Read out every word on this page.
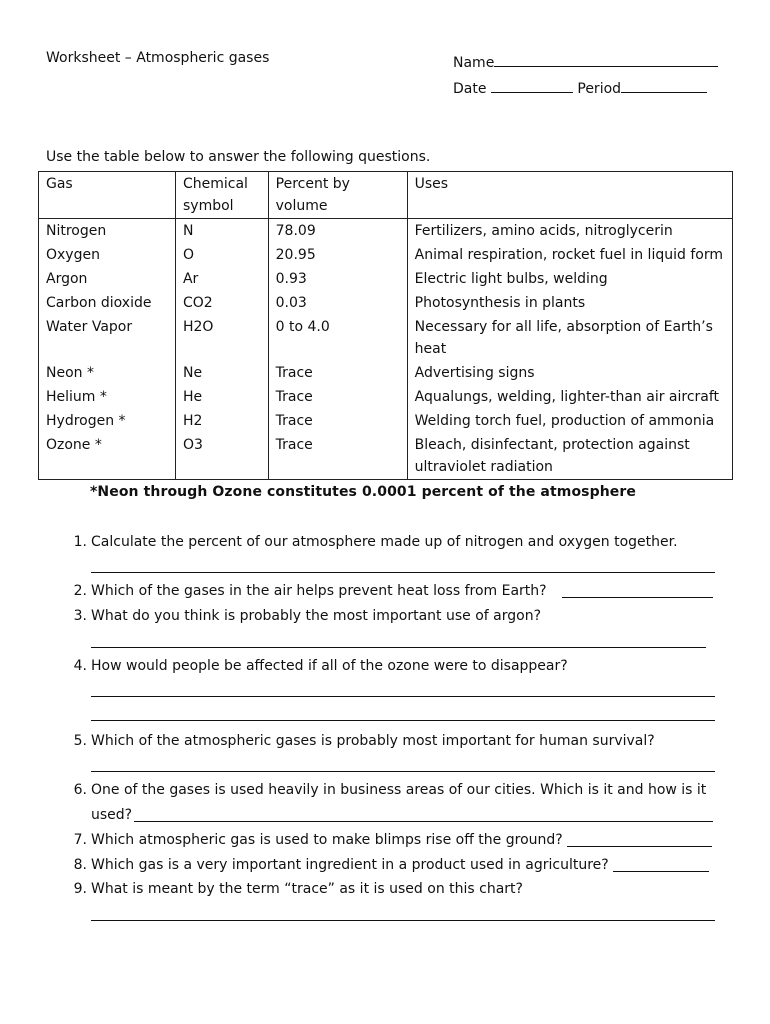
Worksheet – Atmospheric gases	Name
Date	Period
Use the table below to answer the following questions.
Gas	Chemical symbol	Percent by volume	Uses
Nitrogen	N	78.09	Fertilizers, amino acids, nitroglycerin
Oxygen	O	20.95	Animal respiration, rocket fuel in liquid form
Argon	Ar	0.93	Electric light bulbs, welding
Carbon dioxide	CO2	0.03	Photosynthesis in plants
Water Vapor	H2O	0 to 4.0	Necessary for all life, absorption of Earth’s heat
Neon *	Ne	Trace	Advertising signs
Helium *	He	Trace	Aqualungs, welding, lighter-than air aircraft
Hydrogen *	H2	Trace	Welding torch fuel, production of ammonia
Ozone *	O3	Trace	Bleach, disinfectant, protection against ultraviolet radiation
*Neon through Ozone constitutes 0.0001 percent of the atmosphere
1. Calculate the percent of our atmosphere made up of nitrogen and oxygen together.
2. Which of the gases in the air helps prevent heat loss from Earth?
3. What do you think is probably the most important use of argon?
4. How would people be affected if all of the ozone were to disappear?
5. Which of the atmospheric gases is probably most important for human survival?
6. One of the gases is used heavily in business areas of our cities. Which is it and how is it
used?
7. Which atmospheric gas is used to make blimps rise off the ground?
8. Which gas is a very important ingredient in a product used in agriculture?
9. What is meant by the term “trace” as it is used on this chart?
